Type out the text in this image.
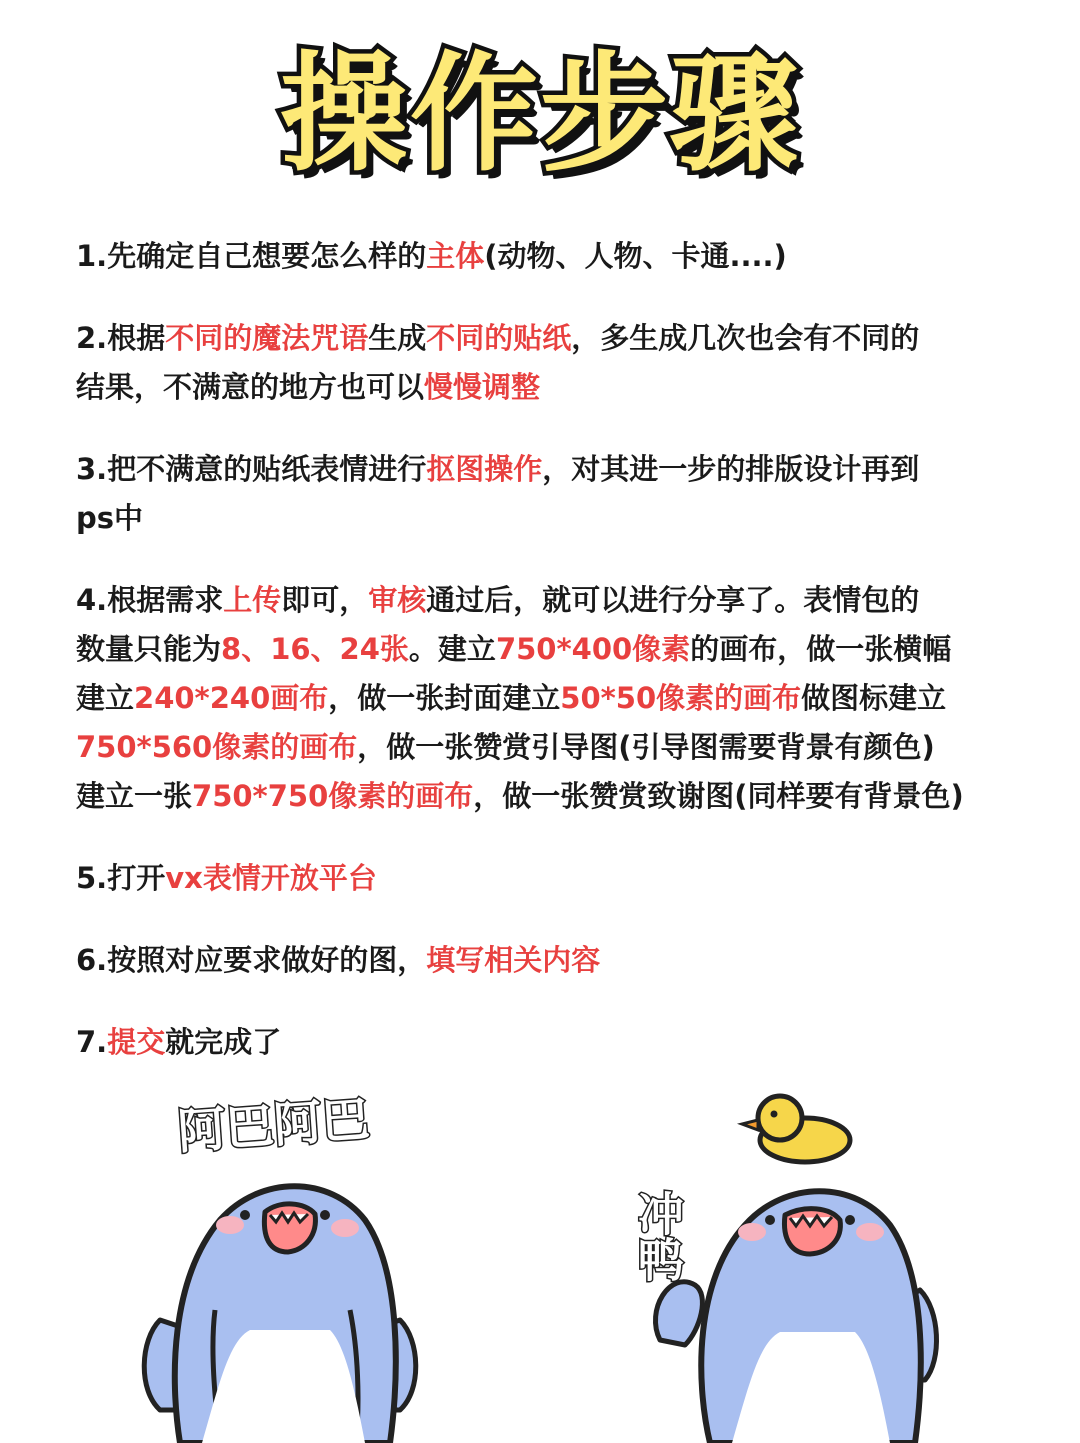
操作步骤
1.先确定自己想要怎么样的主体(动物、人物、卡通....)
2.根据不同的魔法咒语生成不同的贴纸，多生成几次也会有不同的
结果，不满意的地方也可以慢慢调整
3.把不满意的贴纸表情进行抠图操作，对其进一步的排版设计再到
ps中
4.根据需求上传即可，审核通过后，就可以进行分享了。表情包的
数量只能为8、16、24张。建立750*400像素的画布，做一张横幅
建立240*240画布，做一张封面建立50*50像素的画布做图标建立
750*560像素的画布，做一张赞赏引导图(引导图需要背景有颜色)
建立一张750*750像素的画布，做一张赞赏致谢图(同样要有背景色)
5.打开vx表情开放平台
6.按照对应要求做好的图，填写相关内容
7.提交就完成了
阿巴阿巴
冲鸭
